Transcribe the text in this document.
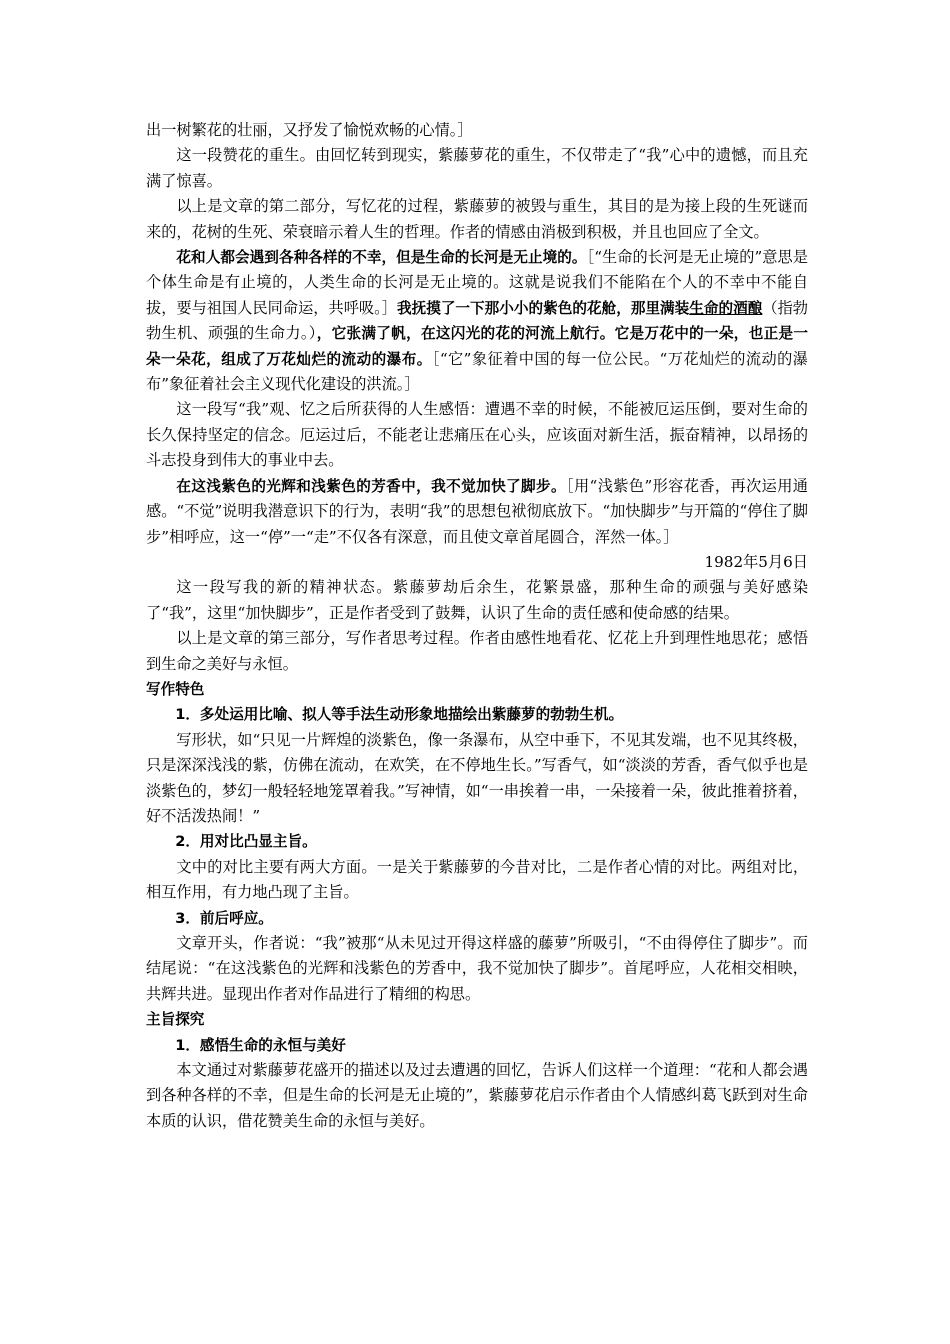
出一树繁花的壮丽，又抒发了愉悦欢畅的心情。］

这一段赞花的重生。由回忆转到现实，紫藤萝花的重生，不仅带走了“我”心中的遗憾，而且充满了惊喜。

以上是文章的第二部分，写忆花的过程，紫藤萝的被毁与重生，其目的是为接上段的生死谜而来的，花树的生死、荣衰暗示着人生的哲理。作者的情感由消极到积极，并且也回应了全文。

花和人都会遇到各种各样的不幸，但是生命的长河是无止境的。［“生命的长河是无止境的”意思是个体生命是有止境的，人类生命的长河是无止境的。这就是说我们不能陷在个人的不幸中不能自拔，要与祖国人民同命运，共呼吸。］我抚摸了一下那小小的紫色的花舱，那里满装生命的酒酿（指勃勃生机、顽强的生命力。），它张满了帆，在这闪光的花的河流上航行。它是万花中的一朵，也正是一朵一朵花，组成了万花灿烂的流动的瀑布。［“它”象征着中国的每一位公民。“万花灿烂的流动的瀑布”象征着社会主义现代化建设的洪流。］

这一段写“我”观、忆之后所获得的人生感悟：遭遇不幸的时候，不能被厄运压倒，要对生命的长久保持坚定的信念。厄运过后，不能老让悲痛压在心头，应该面对新生活，振奋精神，以昂扬的斗志投身到伟大的事业中去。

在这浅紫色的光辉和浅紫色的芳香中，我不觉加快了脚步。［用“浅紫色”形容花香，再次运用通感。“不觉”说明我潜意识下的行为，表明“我”的思想包袱彻底放下。“加快脚步”与开篇的“停住了脚步”相呼应，这一“停”一“走”不仅各有深意，而且使文章首尾圆合，浑然一体。］

1982年5月6日

这一段写我的新的精神状态。紫藤萝劫后余生，花繁景盛，那种生命的顽强与美好感染了“我”，这里“加快脚步”，正是作者受到了鼓舞，认识了生命的责任感和使命感的结果。

以上是文章的第三部分，写作者思考过程。作者由感性地看花、忆花上升到理性地思花；感悟到生命之美好与永恒。

写作特色

1．多处运用比喻、拟人等手法生动形象地描绘出紫藤萝的勃勃生机。

写形状，如“只见一片辉煌的淡紫色，像一条瀑布，从空中垂下，不见其发端，也不见其终极，只是深深浅浅的紫，仿佛在流动，在欢笑，在不停地生长。”写香气，如“淡淡的芳香，香气似乎也是淡紫色的，梦幻一般轻轻地笼罩着我。”写神情，如“一串挨着一串，一朵接着一朵，彼此推着挤着，好不活泼热闹！”

2．用对比凸显主旨。

文中的对比主要有两大方面。一是关于紫藤萝的今昔对比，二是作者心情的对比。两组对比，相互作用，有力地凸现了主旨。

3．前后呼应。

文章开头，作者说：“我”被那“从未见过开得这样盛的藤萝”所吸引，“不由得停住了脚步”。而结尾说：“在这浅紫色的光辉和浅紫色的芳香中，我不觉加快了脚步”。首尾呼应，人花相交相映，共辉共进。显现出作者对作品进行了精细的构思。

主旨探究

1．感悟生命的永恒与美好

本文通过对紫藤萝花盛开的描述以及过去遭遇的回忆，告诉人们这样一个道理：“花和人都会遇到各种各样的不幸，但是生命的长河是无止境的”，紫藤萝花启示作者由个人情感纠葛飞跃到对生命本质的认识，借花赞美生命的永恒与美好。
